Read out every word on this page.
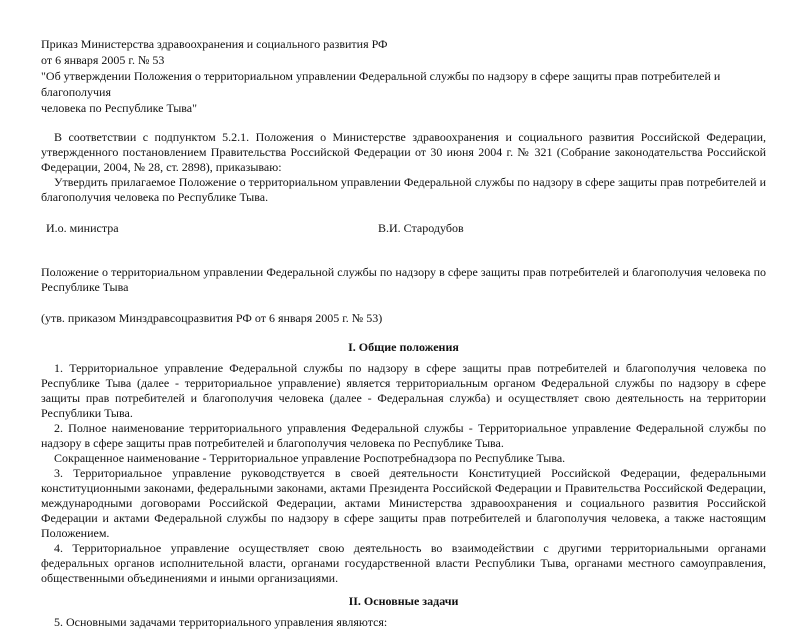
Приказ Министерства здравоохранения и социального развития РФ
от 6 января 2005 г. № 53
"Об утверждении Положения о территориальном управлении Федеральной службы по надзору в сфере защиты прав потребителей и благополучия
человека по Республике Тыва"

В соответствии с подпунктом 5.2.1. Положения о Министерстве здравоохранения и социального развития Российской Федерации, утвержденного постановлением Правительства Российской Федерации от 30 июня 2004 г. № 321 (Собрание законодательства Российской Федерации, 2004, № 28, ст. 2898), приказываю:

Утвердить прилагаемое Положение о территориальном управлении Федеральной службы по надзору в сфере защиты прав потребителей и благополучия человека по Республике Тыва.

И.о. министра	В.И. Стародубов

Положение о территориальном управлении Федеральной службы по надзору в сфере защиты прав потребителей и благополучия человека по Республике Тыва

(утв. приказом Минздравсоцразвития РФ от 6 января 2005 г. № 53)
I. Общие положения

1. Территориальное управление Федеральной службы по надзору в сфере защиты прав потребителей и благополучия человека по Республике Тыва (далее - территориальное управление) является территориальным органом Федеральной службы по надзору в сфере защиты прав потребителей и благополучия человека (далее - Федеральная служба) и осуществляет свою деятельность на территории Республики Тыва.

2. Полное наименование территориального управления Федеральной службы - Территориальное управление Федеральной службы по надзору в сфере защиты прав потребителей и благополучия человека по Республике Тыва.

Сокращенное наименование - Территориальное управление Роспотребнадзора по Республике Тыва.

3. Территориальное управление руководствуется в своей деятельности Конституцией Российской Федерации, федеральными конституционными законами, федеральными законами, актами Президента Российской Федерации и Правительства Российской Федерации, международными договорами Российской Федерации, актами Министерства здравоохранения и социального развития Российской Федерации и актами Федеральной службы по надзору в сфере защиты прав потребителей и благополучия человека, а также настоящим Положением.

4. Территориальное управление осуществляет свою деятельность во взаимодействии с другими территориальными органами федеральных органов исполнительной власти, органами государственной власти Республики Тыва, органами местного самоуправления, общественными объединениями и иными организациями.

II. Основные задачи

5. Основными задачами территориального управления являются:
